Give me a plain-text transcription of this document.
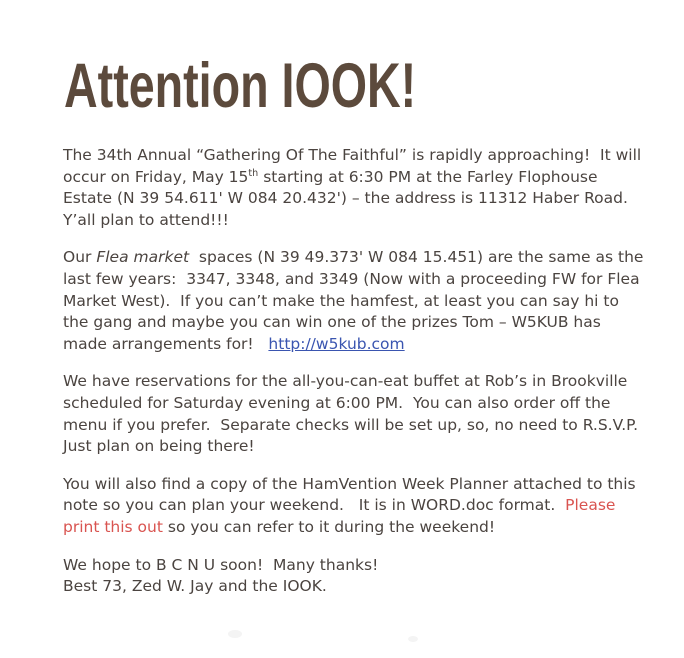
Attention IOOK!

The 34th Annual “Gathering Of The Faithful” is rapidly approaching!  It will occur on Friday, May 15th starting at 6:30 PM at the Farley Flophouse Estate (N 39 54.611' W 084 20.432') – the address is 11312 Haber Road.  Y’all plan to attend!!!

Our Flea market  spaces (N 39 49.373' W 084 15.451) are the same as the last few years:  3347, 3348, and 3349 (Now with a proceeding FW for Flea Market West).  If you can’t make the hamfest, at least you can say hi to the gang and maybe you can win one of the prizes Tom – W5KUB has made arrangements for!   http://w5kub.com

We have reservations for the all-you-can-eat buffet at Rob’s in Brookville scheduled for Saturday evening at 6:00 PM.  You can also order off the menu if you prefer.  Separate checks will be set up, so, no need to R.S.V.P.  Just plan on being there!

You will also find a copy of the HamVention Week Planner attached to this note so you can plan your weekend.   It is in WORD.doc format.  Please print this out so you can refer to it during the weekend!

We hope to B C N U soon!  Many thanks!
Best 73, Zed W. Jay and the IOOK.
